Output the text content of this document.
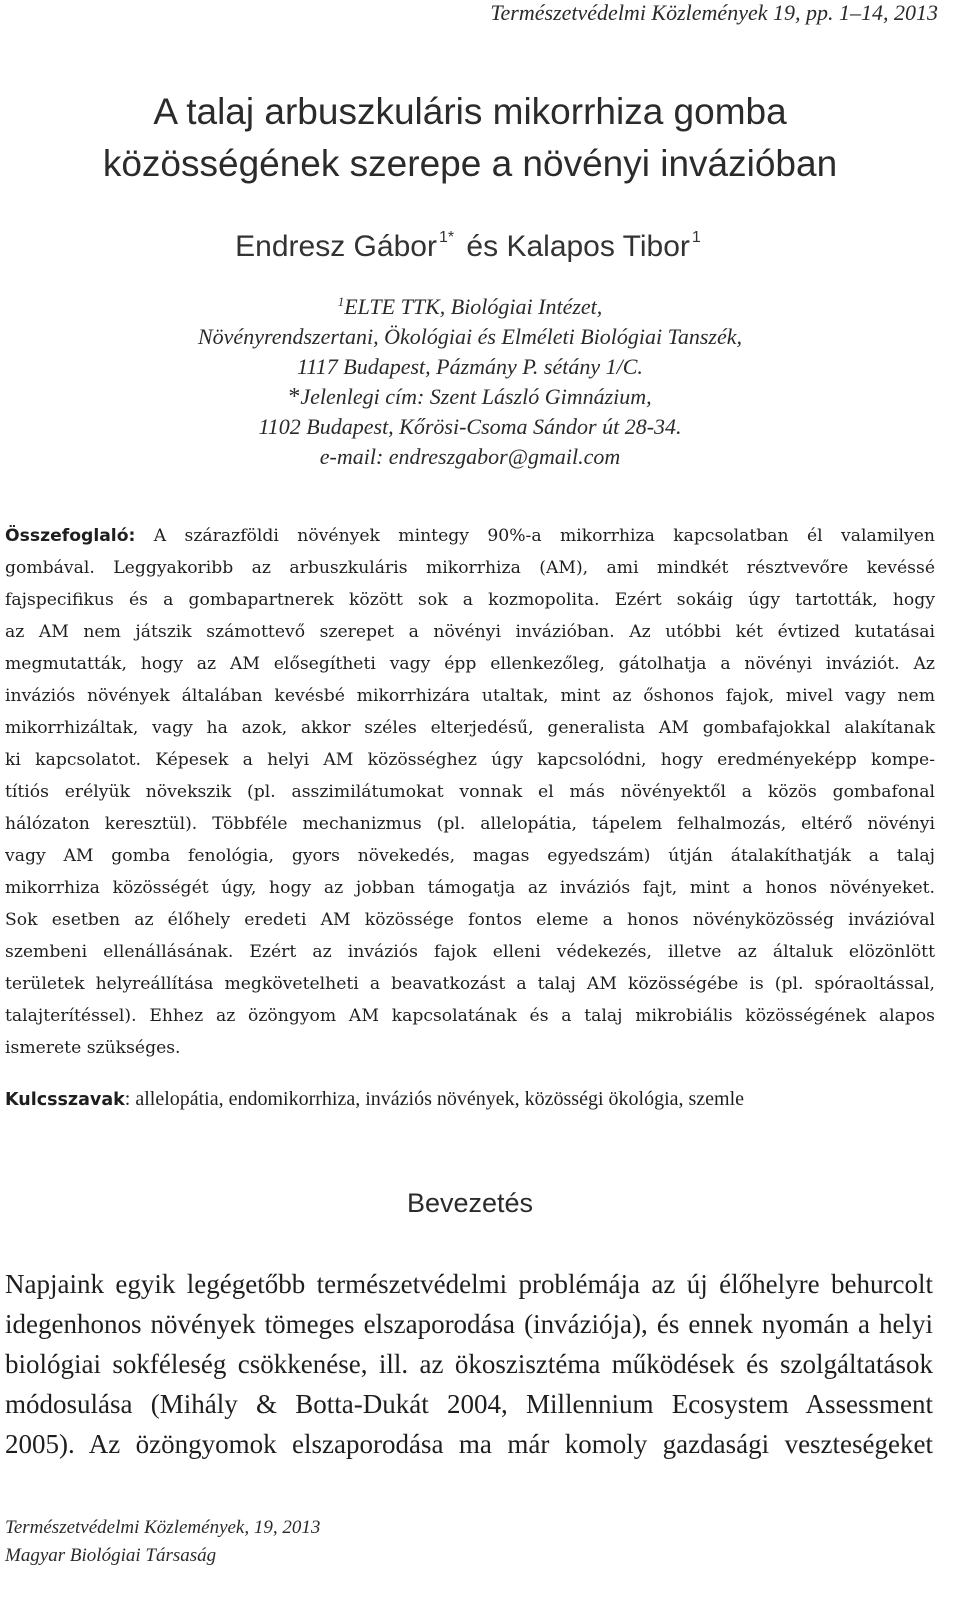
Természetvédelmi Közlemények 19, pp. 1–14, 2013
A talaj arbuszkuláris mikorrhiza gomba
közösségének szerepe a növényi invázióban
Endresz Gábor $^{1*}$ és Kalapos Tibor $^1$
$^1$ELTE TTK, Biológiai Intézet,
Növényrendszertani, Ökológiai és Elméleti Biológiai Tanszék,
1117 Budapest, Pázmány P. sétány 1/C.
*Jelenlegi cím: Szent László Gimnázium,
1102 Budapest, Kőrösi-Csoma Sándor út 28-34.
e-mail: endreszgabor@gmail.com
Összefoglaló: A szárazföldi növények mintegy 90%-a mikorrhiza kapcsolatban él valamilyen
gombával. Leggyakoribb az arbuszkuláris mikorrhiza (AM), ami mindkét résztvevőre kevéssé
fajspecifikus és a gombapartnerek között sok a kozmopolita. Ezért sokáig úgy tartották, hogy
az AM nem játszik számottevő szerepet a növényi invázióban. Az utóbbi két évtized kutatásai
megmutatták, hogy az AM elősegítheti vagy épp ellenkezőleg, gátolhatja a növényi inváziót. Az
inváziós növények általában kevésbé mikorrhizára utaltak, mint az őshonos fajok, mivel vagy nem
mikorrhizáltak, vagy ha azok, akkor széles elterjedésű, generalista AM gombafajokkal alakítanak
ki kapcsolatot. Képesek a helyi AM közösséghez úgy kapcsolódni, hogy eredményeképp kompe-
títiós erélyük növekszik (pl. asszimilátumokat vonnak el más növényektől a közös gombafonal
hálózaton keresztül). Többféle mechanizmus (pl. allelopátia, tápelem felhalmozás, eltérő növényi
vagy AM gomba fenológia, gyors növekedés, magas egyedszám) útján átalakíthatják a talaj
mikorrhiza közösségét úgy, hogy az jobban támogatja az inváziós fajt, mint a honos növényeket.
Sok esetben az élőhely eredeti AM közössége fontos eleme a honos növényközösség invázióval
szembeni ellenállásának. Ezért az inváziós fajok elleni védekezés, illetve az általuk elözönlött
területek helyreállítása megkövetelheti a beavatkozást a talaj AM közösségébe is (pl. spóraoltással,
talajterítéssel). Ehhez az özöngyom AM kapcsolatának és a talaj mikrobiális közösségének alapos
ismerete szükséges.
Kulcsszavak: allelopátia, endomikorrhiza, inváziós növények, közösségi ökológia, szemle
Bevezetés
Napjaink egyik legégetőbb természetvédelmi problémája az új élőhelyre behurcolt
idegenhonos növények tömeges elszaporodása (inváziója), és ennek nyomán a helyi
biológiai sokféleség csökkenése, ill. az ökoszisztéma működések és szolgáltatások
módosulása (Mihály & Botta-Dukát 2004, Millennium Ecosystem Assessment
2005). Az özöngyomok elszaporodása ma már komoly gazdasági veszteségeket
Természetvédelmi Közlemények, 19, 2013
Magyar Biológiai Társaság
